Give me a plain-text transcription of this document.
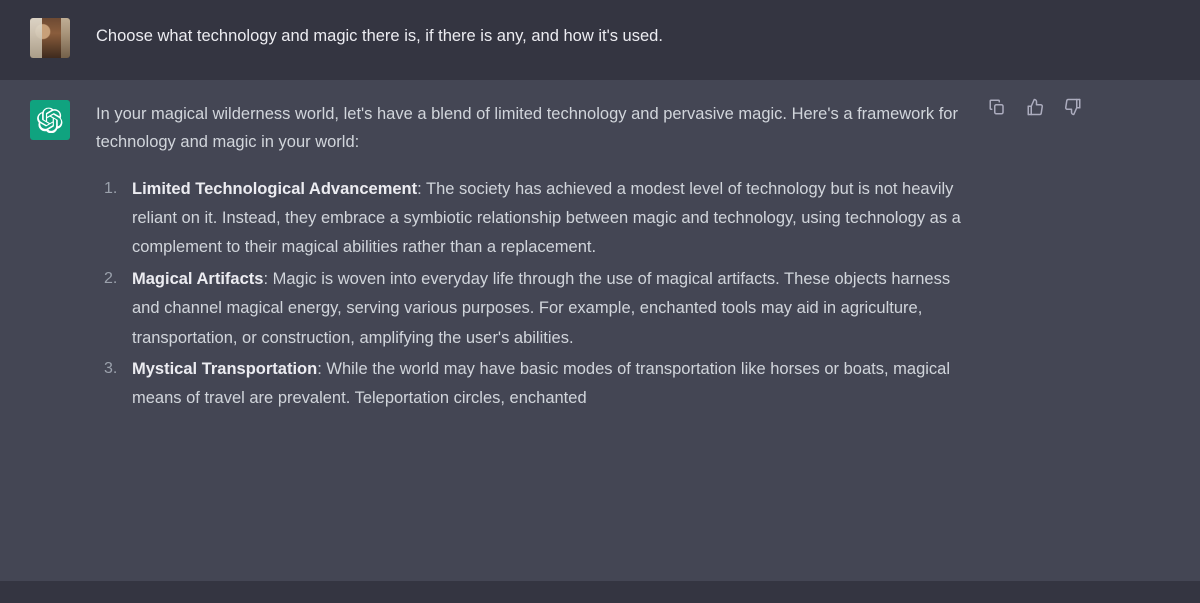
Choose what technology and magic there is, if there is any, and how it's used.

In your magical wilderness world, let's have a blend of limited technology and pervasive magic. Here's a framework for technology and magic in your world:

Limited Technological Advancement: The society has achieved a modest level of technology but is not heavily reliant on it. Instead, they embrace a symbiotic relationship between magic and technology, using technology as a complement to their magical abilities rather than a replacement.
Magical Artifacts: Magic is woven into everyday life through the use of magical artifacts. These objects harness and channel magical energy, serving various purposes. For example, enchanted tools may aid in agriculture, transportation, or construction, amplifying the user's abilities.
Mystical Transportation: While the world may have basic modes of transportation like horses or boats, magical means of travel are prevalent. Teleportation circles, enchanted
